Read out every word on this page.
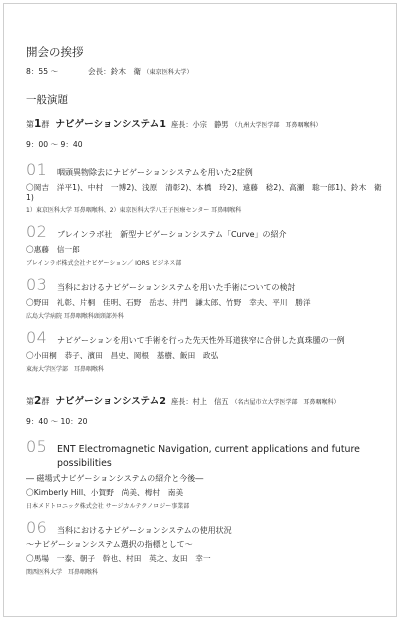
開会の挨拶
8：55 ～	会長：鈴木　衛 （東京医科大学）
一般演題
第1群 ナビゲーションシステム1 座長：小宗　静男 （九州大学医学部　耳鼻咽喉科）
9：00 ～ 9：40
01	咽頭異物除去にナビゲーションシステムを用いた2症例
〇岡吉　洋平1)、中村　一博2)、浅原　清彰2)、本橋　玲2)、遠藤　稔2)、高瀬　聡一郎1)、鈴木　衛1)
1）東京医科大学 耳鼻咽喉科、2）東京医科大学八王子医療センター 耳鼻咽喉科
02	ブレインラボ社　新型ナビゲーションシステム「Curve」の紹介
〇惠藤　信一郎
ブレインラボ株式会社ナビゲーション／ IORS ビジネス部
03	当科におけるナビゲーションシステムを用いた手術についての検討
〇野田　礼彰、片桐　佳明、石野　岳志、井門　謙太郎、竹野　幸夫、平川　勝洋
広島大学病院 耳鼻咽喉科頭頸部外科
04	ナビゲーションを用いて手術を行った先天性外耳道狭窄に合併した真珠腫の一例
〇小田桐　恭子、濱田　昌史、岡根　基樹、飯田　政弘
東海大学医学部　耳鼻咽喉科
第2群 ナビゲーションシステム2 座長：村上　信五 （名古屋市立大学医学部　耳鼻咽喉科）
9：40 ～ 10：20
05	ENT Electromagnetic Navigation, current applications and future possibilities
― 磁場式ナビゲーションシステムの紹介と今後―
〇Kimberly Hill、小賀野　尚美、栂村　南美
日本メドトロニック株式会社 サージカルテクノロジー事業部
06	当科におけるナビゲーションシステムの使用状況
～ナビゲーションシステム選択の指標として～
〇馬場　一泰、朝子　幹也、村田　英之、友田　幸一
関西医科大学　耳鼻咽喉科
